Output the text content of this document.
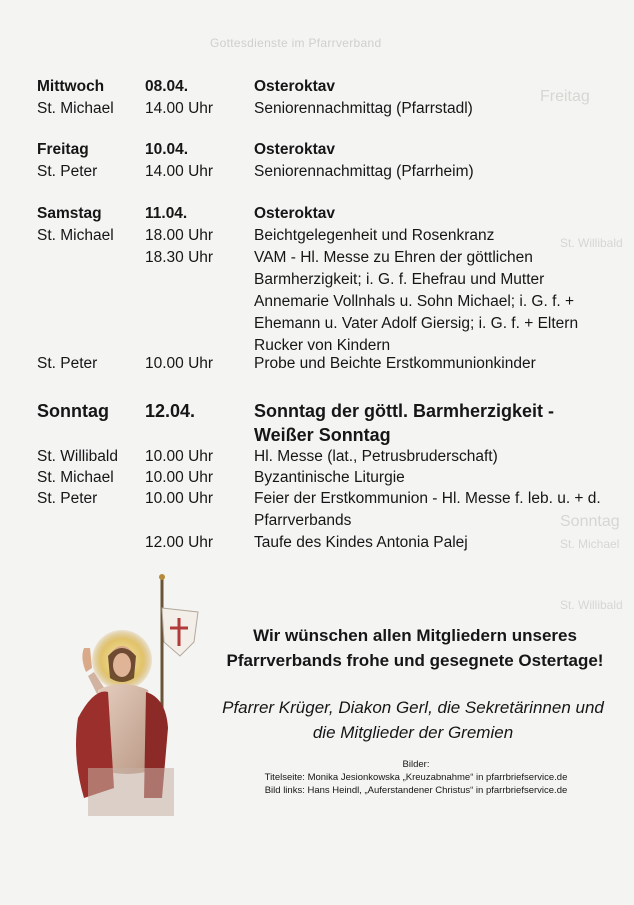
Gottesdienste im Pfarrverband
Freitag
St. Willibald
Sonntag
St. Michael
St. Willibald
Mittwoch	08.04.	Osteroktav
St. Michael 14.00 Uhr	Seniorennachmittag (Pfarrstadl)
Freitag	10.04.	Osteroktav
St. Peter	14.00 Uhr	Seniorennachmittag (Pfarrheim)
Samstag	11.04.	Osteroktav
St. Michael 18.00 Uhr	Beichtgelegenheit und Rosenkranz
18.30 Uhr	VAM - Hl. Messe zu Ehren der göttlichen
Barmherzigkeit; i. G. f. Ehefrau und Mutter
Annemarie Vollnhals u. Sohn Michael; i. G. f. +
Ehemann u. Vater Adolf Giersig; i. G. f. + Eltern
Rucker von Kindern
St. Peter	10.00 Uhr	Probe und Beichte Erstkommunionkinder
Sonntag 12.04.	Sonntag der göttl. Barmherzigkeit -
Weißer Sonntag
St. Willibald 10.00 Uhr	Hl. Messe (lat., Petrusbruderschaft)
St. Michael 10.00 Uhr	Byzantinische Liturgie
St. Peter	10.00 Uhr	Feier der Erstkommunion - Hl. Messe f. leb. u. + d.
Pfarrverbands
12.00 Uhr	Taufe des Kindes Antonia Palej
Wir wünschen allen Mitgliedern unseres
Pfarrverbands frohe und gesegnete Ostertage!
Pfarrer Krüger, Diakon Gerl, die Sekretärinnen und
die Mitglieder der Gremien
Bilder:
Titelseite: Monika Jesionkowska „Kreuzabnahme“ in pfarrbriefservice.de
Bild links: Hans Heindl, „Auferstandener Christus“ in pfarrbriefservice.de
